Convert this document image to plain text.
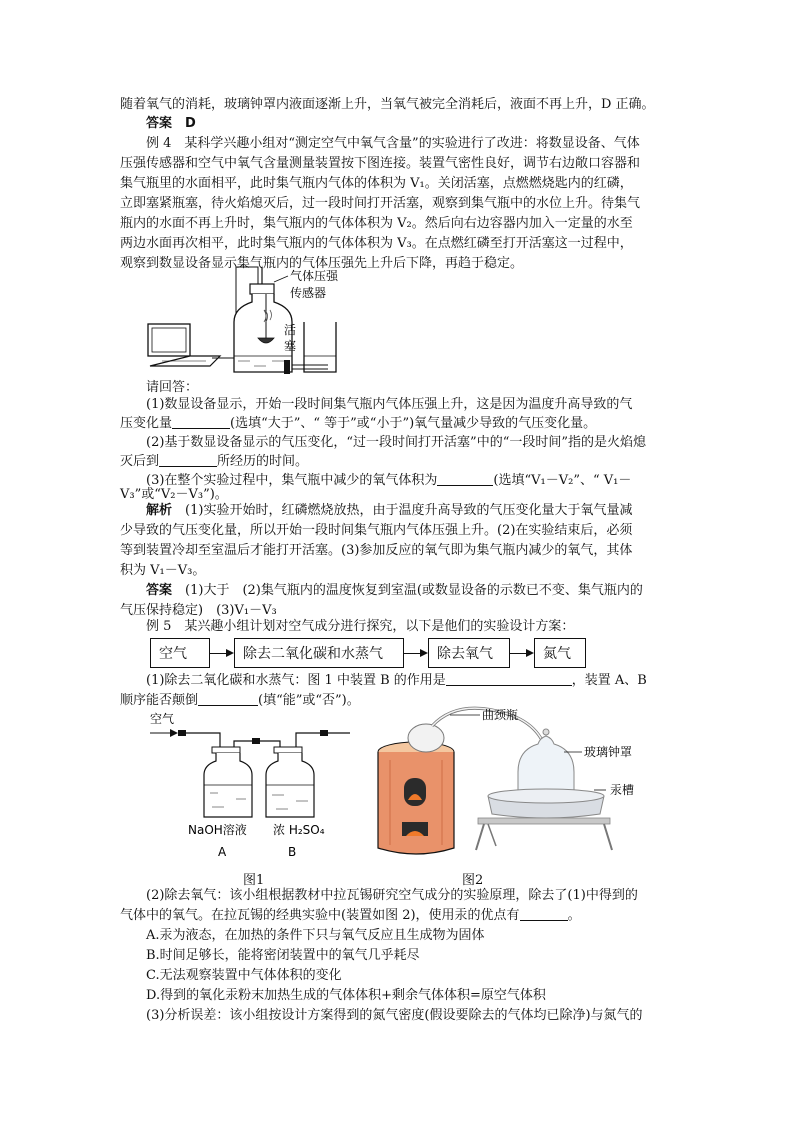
随着氧气的消耗，玻璃钟罩内液面逐渐上升，当氧气被完全消耗后，液面不再上升，D 正确。
答案　D
例 4　某科学兴趣小组对“测定空气中氧气含量”的实验进行了改进：将数显设备、气体
压强传感器和空气中氧气含量测量装置按下图连接。装置气密性良好，调节右边敞口容器和
集气瓶里的水面相平，此时集气瓶内气体的体积为 V₁。关闭活塞，点燃燃烧匙内的红磷，
立即塞紧瓶塞，待火焰熄灭后，过一段时间打开活塞，观察到集气瓶中的水位上升。待集气
瓶内的水面不再上升时，集气瓶内的气体体积为 V₂。然后向右边容器内加入一定量的水至
两边水面再次相平，此时集气瓶内的气体体积为 V₃。在点燃红磷至打开活塞这一过程中，
观察到数显设备显示集气瓶内的气体压强先上升后下降，再趋于稳定。
气体压强
传感器
活
塞
请回答：
(1)数显设备显示，开始一段时间集气瓶内气体压强上升，这是因为温度升高导致的气
压变化量	(选填“大于”、“ 等于”或“小于”)氧气量减少导致的气压变化量。
(2)基于数显设备显示的气压变化，“过一段时间打开活塞”中的“一段时间”指的是火焰熄
灭后到	所经历的时间。
(3)在整个实验过程中，集气瓶中减少的氧气体积为	(选填“V₁－V₂”、“ V₁－
V₃”或“V₂－V₃”)。
解析　 (1)实验开始时，红磷燃烧放热，由于温度升高导致的气压变化量大于氧气量减
少导致的气压变化量，所以开始一段时间集气瓶内气体压强上升。(2)在实验结束后，必须
等到装置冷却至室温后才能打开活塞。(3)参加反应的氧气即为集气瓶内减少的氧气，其体
积为 V₁－V₃。
答案　 (1)大于　(2)集气瓶内的温度恢复到室温(或数显设备的示数已不变、集气瓶内的
气压保持稳定)　(3)V₁－V₃
空气	除去二氧化碳和水蒸气	除去氧气	氮气
(1)除去二氧化碳和水蒸气：图 1 中装置 B 的作用是	，装置 A、B
顺序能否颠倒	(填“能”或“否”)。
空气
NaOH溶液 浓 H₂SO₄
A	B
曲颈瓶
玻璃钟罩
汞槽
图1	图2
(2)除去氧气：该小组根据教材中拉瓦锡研究空气成分的实验原理，除去了(1)中得到的
气体中的氧气。在拉瓦锡的经典实验中(装置如图 2)，使用汞的优点有	。
A.汞为液态，在加热的条件下只与氧气反应且生成物为固体
B.时间足够长，能将密闭装置中的氧气几乎耗尽
C.无法观察装置中气体体积的变化
D.得到的氧化汞粉末加热生成的气体体积+剩余气体体积=原空气体积
(3)分析误差：该小组按设计方案得到的氮气密度(假设要除去的气体均已除净)与氮气的
例 5　某兴趣小组计划对空气成分进行探究，以下是他们的实验设计方案：
